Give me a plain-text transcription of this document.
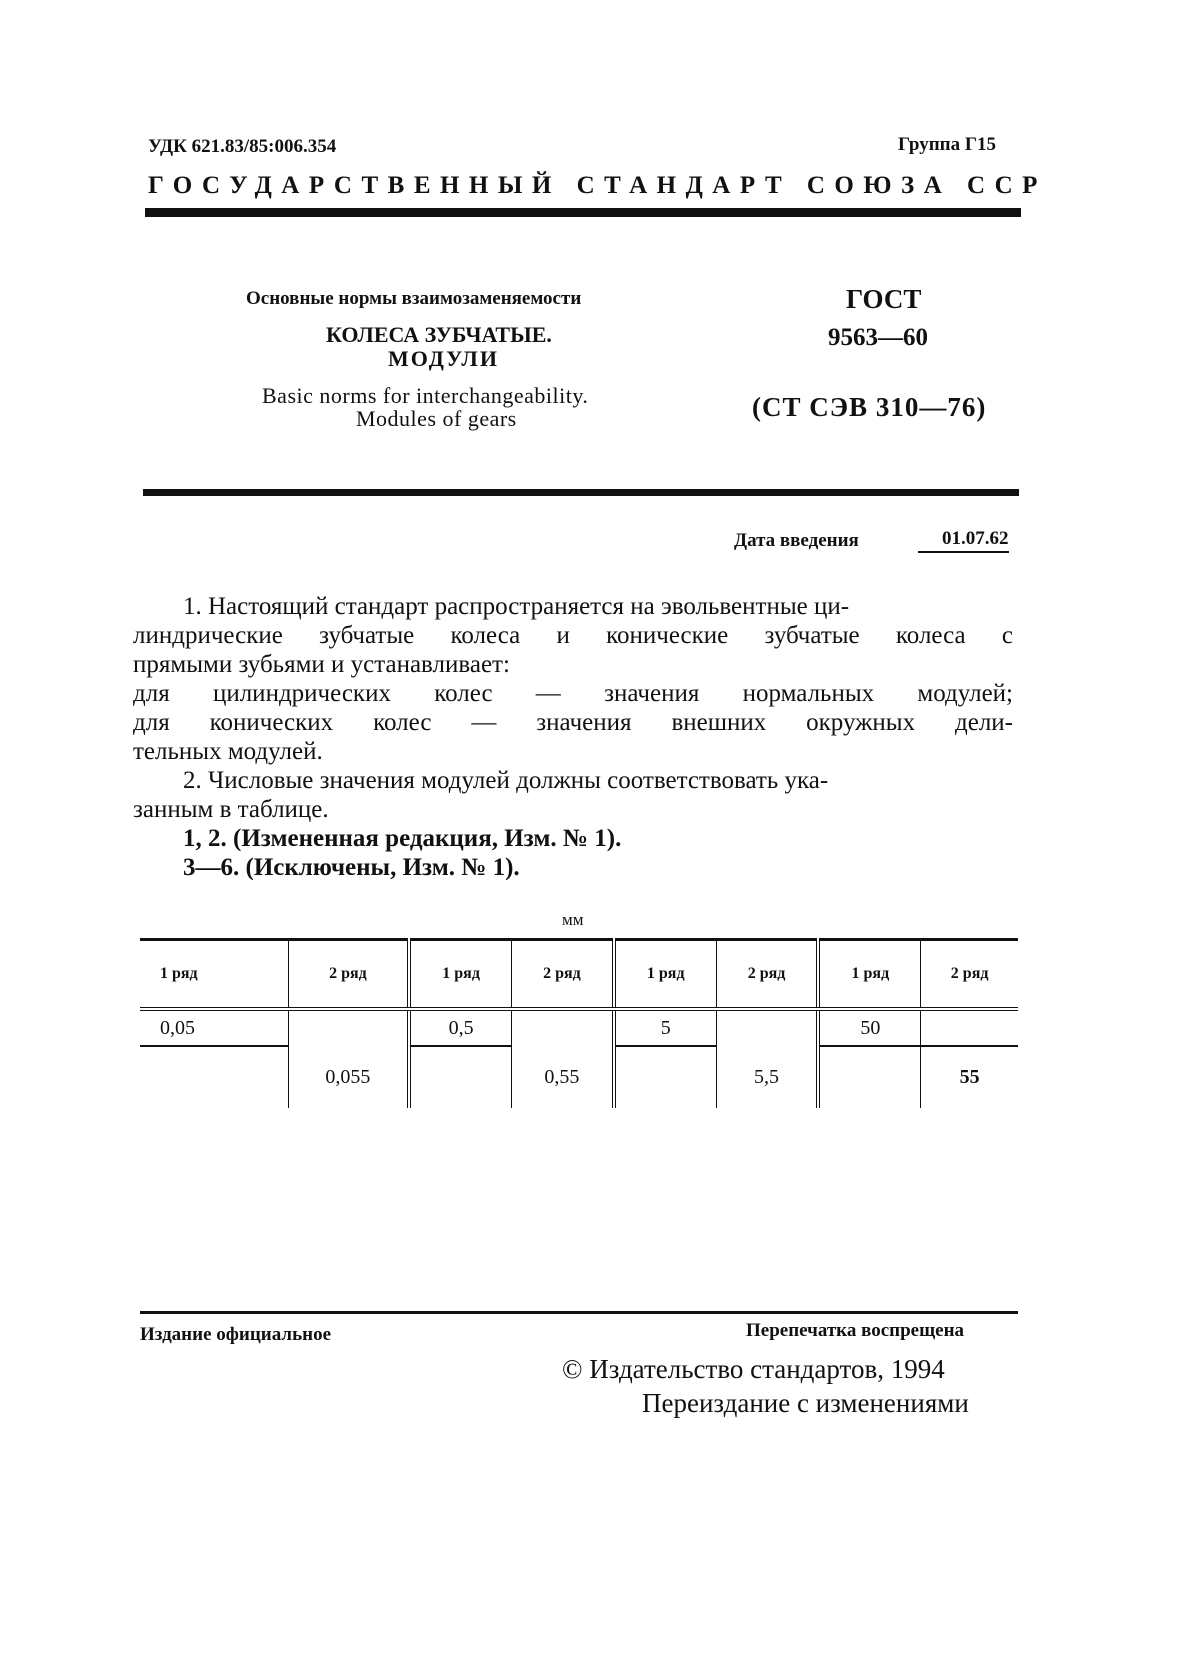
УДК 621.83/85:006.354	Группа Г15
ГОСУДАРСТВЕННЫЙ СТАНДАРТ СОЮЗА ССР
Основные нормы взаимозаменяемости
КОЛЕСА ЗУБЧАТЫЕ.
МОДУЛИ
Basic norms for interchangeability.
Modules of gears
ГОСТ
9563—60
(СТ СЭВ 310—76)
Дата введения	01.07.62

1. Настоящий стандарт распространяется на эвольвентные ци-

линдрические зубчатые колеса и конические зубчатые колеса с

прямыми зубьями и устанавливает:

для цилиндрических колес — значения нормальных модулей;

для конических колес — значения внешних окружных дели-

тельных модулей.

2. Числовые значения модулей должны соответствовать ука-

занным в таблице.

1, 2. (Измененная редакция, Изм. № 1).

3—6. (Исключены, Изм. № 1).

мм
1 ряд	2 ряд	1 ряд	2 ряд	1 ряд	2 ряд	1 ряд	2 ряд
0,05		0,5		5		50	
	0,055		0,55		5,5		55
Издание официальное	Перепечатка воспрещена
© Издательство стандартов, 1994
Переиздание с изменениями
